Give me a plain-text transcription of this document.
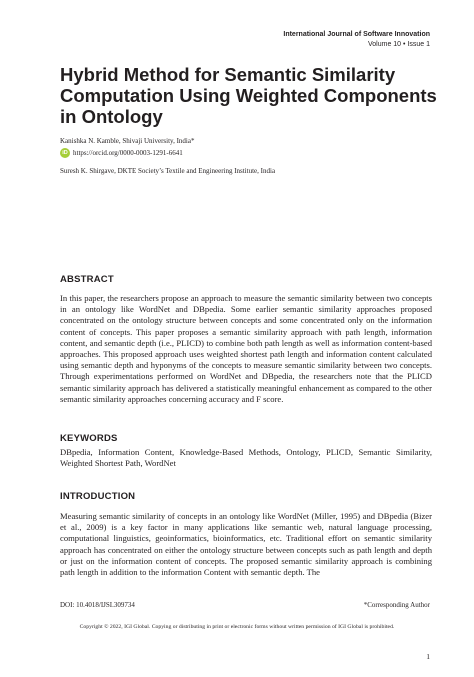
International Journal of Software Innovation
Volume 10 • Issue 1
Hybrid Method for Semantic Similarity Computation Using Weighted Components in Ontology
Kanishka N. Kamble, Shivaji University, India*
iD https://orcid.org/0000-0003-1291-6641
Suresh K. Shirgave, DKTE Society’s Textile and Engineering Institute, India
ABSTRACT
In this paper, the researchers propose an approach to measure the semantic similarity between two concepts in an ontology like WordNet and DBpedia. Some earlier semantic similarity approaches proposed concentrated on the ontology structure between concepts and some concentrated only on the information content of concepts. This paper proposes a semantic similarity approach with path length, information content, and semantic depth (i.e., PLICD) to combine both path length as well as information content-based approaches. This proposed approach uses weighted shortest path length and information content calculated using semantic depth and hyponyms of the concepts to measure semantic similarity between two concepts. Through experimentations performed on WordNet and DBpedia, the researchers note that the PLICD semantic similarity approach has delivered a statistically meaningful enhancement as compared to the other semantic similarity approaches concerning accuracy and F score.
KEYWORDS
DBpedia, Information Content, Knowledge-Based Methods, Ontology, PLICD, Semantic Similarity, Weighted Shortest Path, WordNet
INTRODUCTION
Measuring semantic similarity of concepts in an ontology like WordNet (Miller, 1995) and DBpedia (Bizer et al., 2009) is a key factor in many applications like semantic web, natural language processing, computational linguistics, geoinformatics, bioinformatics, etc. Traditional effort on semantic similarity approach has concentrated on either the ontology structure between concepts such as path length and depth or just on the information content of concepts. The proposed semantic similarity approach is combining path length in addition to the information Content with semantic depth. The
DOI: 10.4018/IJSI.309734	*Corresponding Author
Copyright © 2022, IGI Global. Copying or distributing in print or electronic forms without written permission of IGI Global is prohibited.
1
